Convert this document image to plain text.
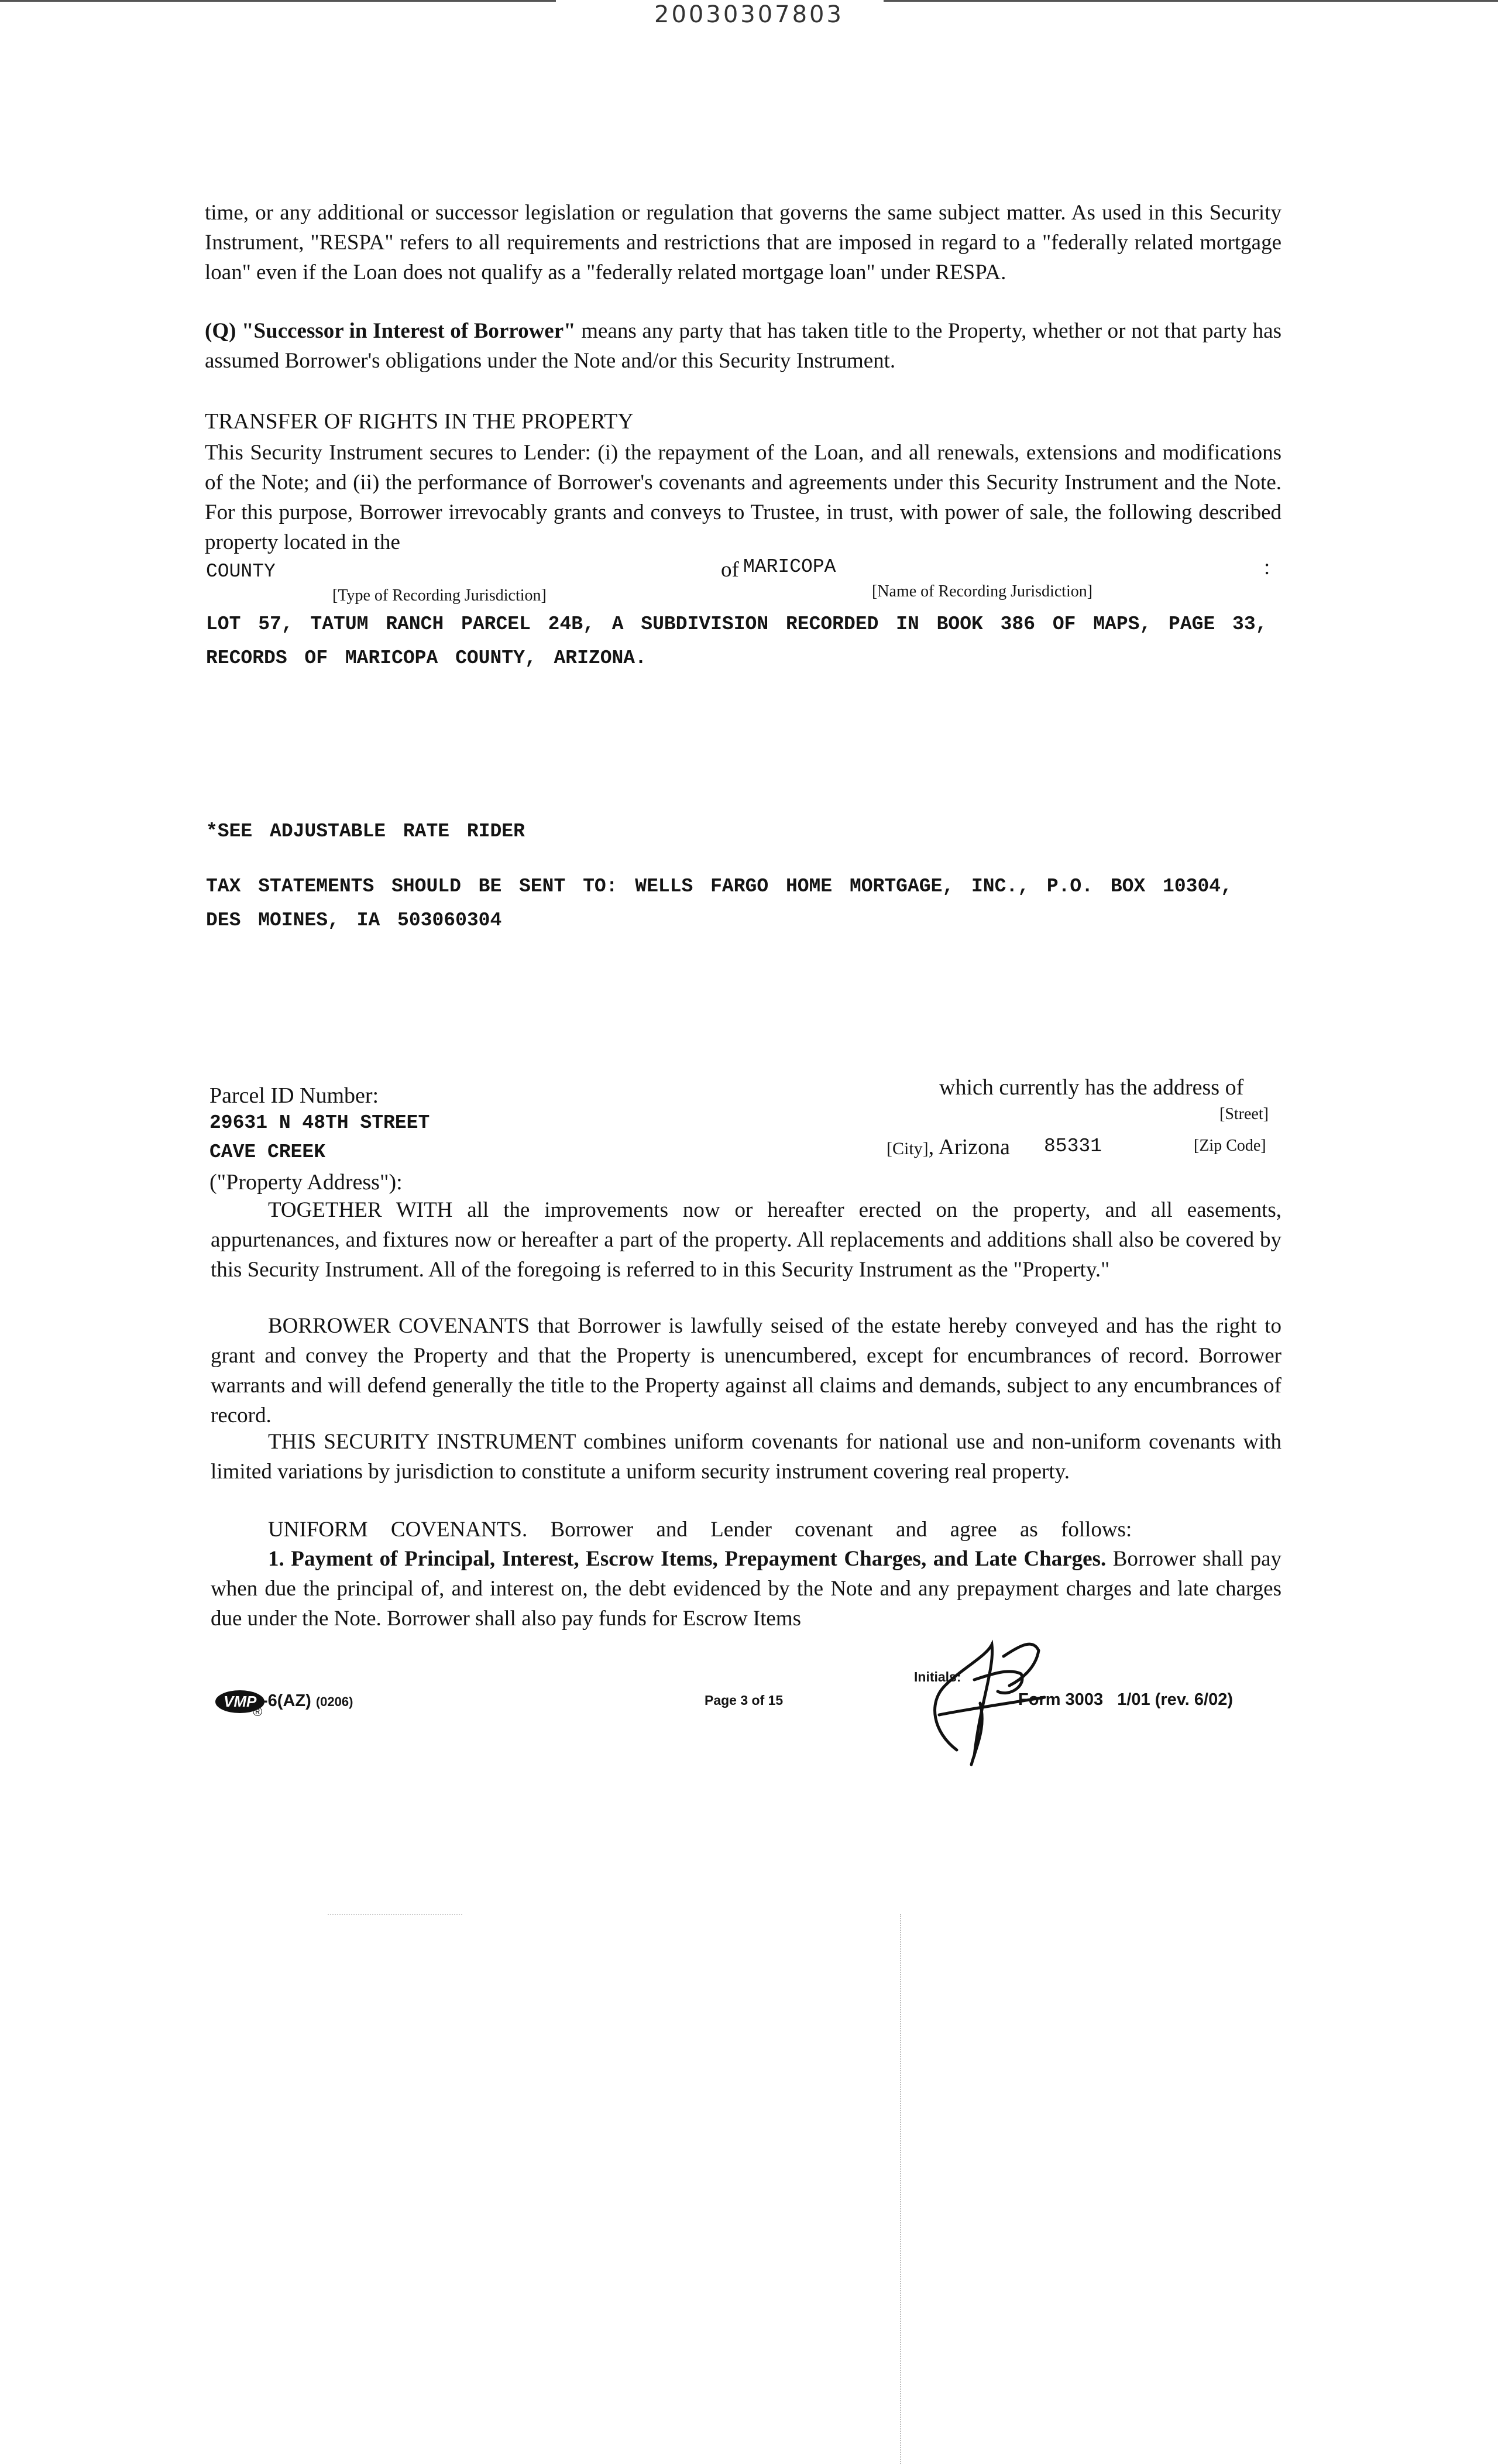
20030307803

time, or any additional or successor legislation or regulation that governs the same subject matter. As used in this Security Instrument, "RESPA" refers to all requirements and restrictions that are imposed in regard to a "federally related mortgage loan" even if the Loan does not qualify as a "federally related mortgage loan" under RESPA.

(Q) "Successor in Interest of Borrower" means any party that has taken title to the Property, whether or not that party has assumed Borrower's obligations under the Note and/or this Security Instrument.

TRANSFER OF RIGHTS IN THE PROPERTY

This Security Instrument secures to Lender: (i) the repayment of the Loan, and all renewals, extensions and modifications of the Note; and (ii) the performance of Borrower's covenants and agreements under this Security Instrument and the Note. For this purpose, Borrower irrevocably grants and conveys to Trustee, in trust, with power of sale, the following described property located in the

COUNTY	of MARICOPA	:
[Type of Recording Jurisdiction]	[Name of Recording Jurisdiction]

LOT 57, TATUM RANCH PARCEL 24B, A SUBDIVISION RECORDED IN BOOK 386 OF MAPS, PAGE 33, RECORDS OF MARICOPA COUNTY, ARIZONA.

*SEE ADJUSTABLE RATE RIDER

TAX STATEMENTS SHOULD BE SENT TO: WELLS FARGO HOME MORTGAGE, INC., P.O. BOX 10304, DES MOINES, IA 503060304

Parcel ID Number:	which currently has the address of
29631 N 48TH STREET	[Street]
CAVE CREEK	[City], Arizona 85331	[Zip Code]
("Property Address"):

TOGETHER WITH all the improvements now or hereafter erected on the property, and all easements, appurtenances, and fixtures now or hereafter a part of the property. All replacements and additions shall also be covered by this Security Instrument. All of the foregoing is referred to in this Security Instrument as the "Property."

BORROWER COVENANTS that Borrower is lawfully seised of the estate hereby conveyed and has the right to grant and convey the Property and that the Property is unencumbered, except for encumbrances of record. Borrower warrants and will defend generally the title to the Property against all claims and demands, subject to any encumbrances of record.

THIS SECURITY INSTRUMENT combines uniform covenants for national use and non-uniform covenants with limited variations by jurisdiction to constitute a uniform security instrument covering real property.

UNIFORM COVENANTS. Borrower and Lender covenant and agree as follows:

1. Payment of Principal, Interest, Escrow Items, Prepayment Charges, and Late Charges. Borrower shall pay when due the principal of, and interest on, the debt evidenced by the Note and any prepayment charges and late charges due under the Note. Borrower shall also pay funds for Escrow Items

VMP -6(AZ) (0206)
®
Page 3 of 15
Initials:
Form 3003   1/01 (rev. 6/02)
